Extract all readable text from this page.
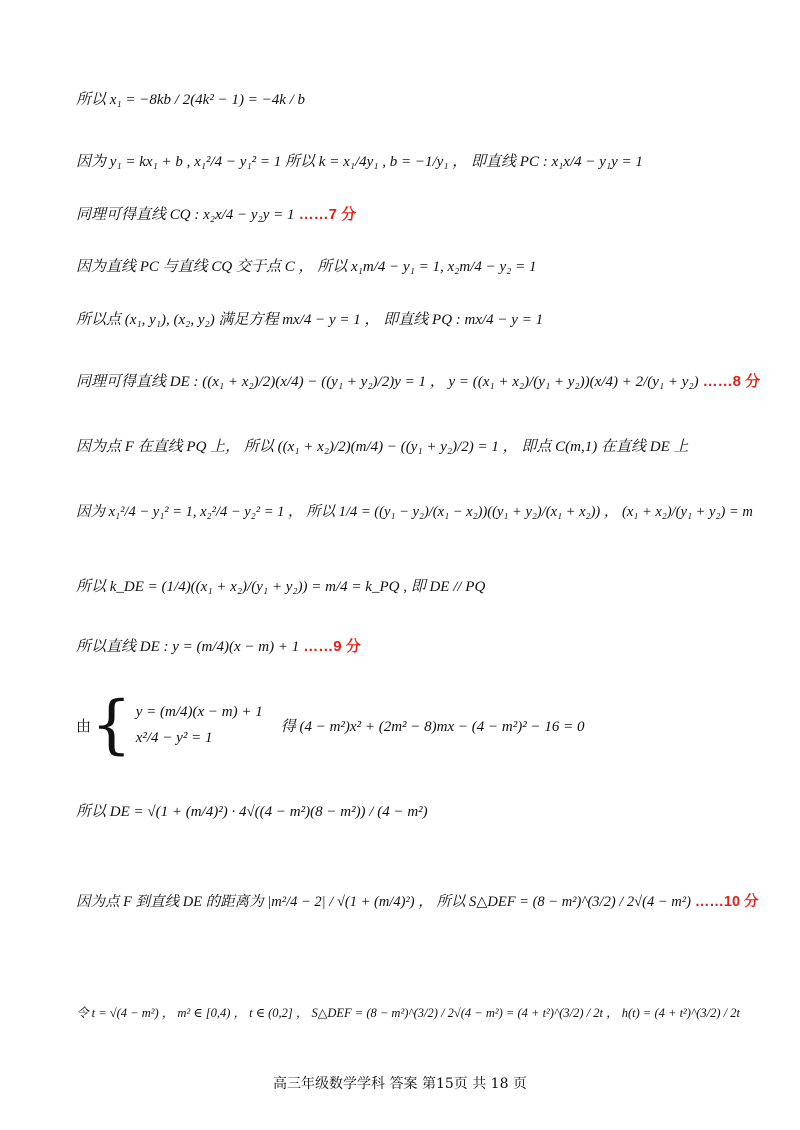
所以 x₁ = −8kb / 2(4k² − 1) = −4k / b
因为 y₁ = kx₁ + b , x₁²/4 − y₁² = 1 所以 k = x₁/4y₁ , b = −1/y₁ ， 即直线 PC : x₁x/4 − y₁y = 1
同理可得直线 CQ : x₂x/4 − y₂y = 1 ……7 分
因为直线 PC 与直线 CQ 交于点 C ， 所以 x₁m/4 − y₁ = 1, x₂m/4 − y₂ = 1
所以点 (x₁, y₁), (x₂, y₂) 满足方程 mx/4 − y = 1 ， 即直线 PQ : mx/4 − y = 1
同理可得直线 DE : ((x₁ + x₂)/2)(x/4) − ((y₁ + y₂)/2)y = 1 ， y = ((x₁ + x₂)/(y₁ + y₂))(x/4) + 2/(y₁ + y₂) ……8 分
因为点 F 在直线 PQ 上， 所以 ((x₁ + x₂)/2)(m/4) − ((y₁ + y₂)/2) = 1 ， 即点 C(m,1) 在直线 DE 上
因为 x₁²/4 − y₁² = 1, x₂²/4 − y₂² = 1 ， 所以 1/4 = ((y₁ − y₂)/(x₁ − x₂))((y₁ + y₂)/(x₁ + x₂)) ， (x₁ + x₂)/(y₁ + y₂) = m
所以 k_DE = (1/4)((x₁ + x₂)/(y₁ + y₂)) = m/4 = k_PQ , 即 DE // PQ
所以直线 DE : y = (m/4)(x − m) + 1 ……9 分
由 { y = (m/4)(x − m) + 1
x²/4 − y² = 1
得 (4 − m²)x² + (2m² − 8)mx − (4 − m²)² − 16 = 0
所以 DE = √(1 + (m/4)²) · 4√((4 − m²)(8 − m²)) / (4 − m²)
因为点 F 到直线 DE 的距离为 |m²/4 − 2| / √(1 + (m/4)²) ， 所以 S△DEF = (8 − m²)^(3/2) / 2√(4 − m²) ……10 分
令 t = √(4 − m²) ， m² ∈ [0,4) ， t ∈ (0,2] ， S△DEF = (8 − m²)^(3/2) / 2√(4 − m²) = (4 + t²)^(3/2) / 2t ， h(t) = (4 + t²)^(3/2) / 2t
高三年级数学学科 答案 第15页 共 18 页
